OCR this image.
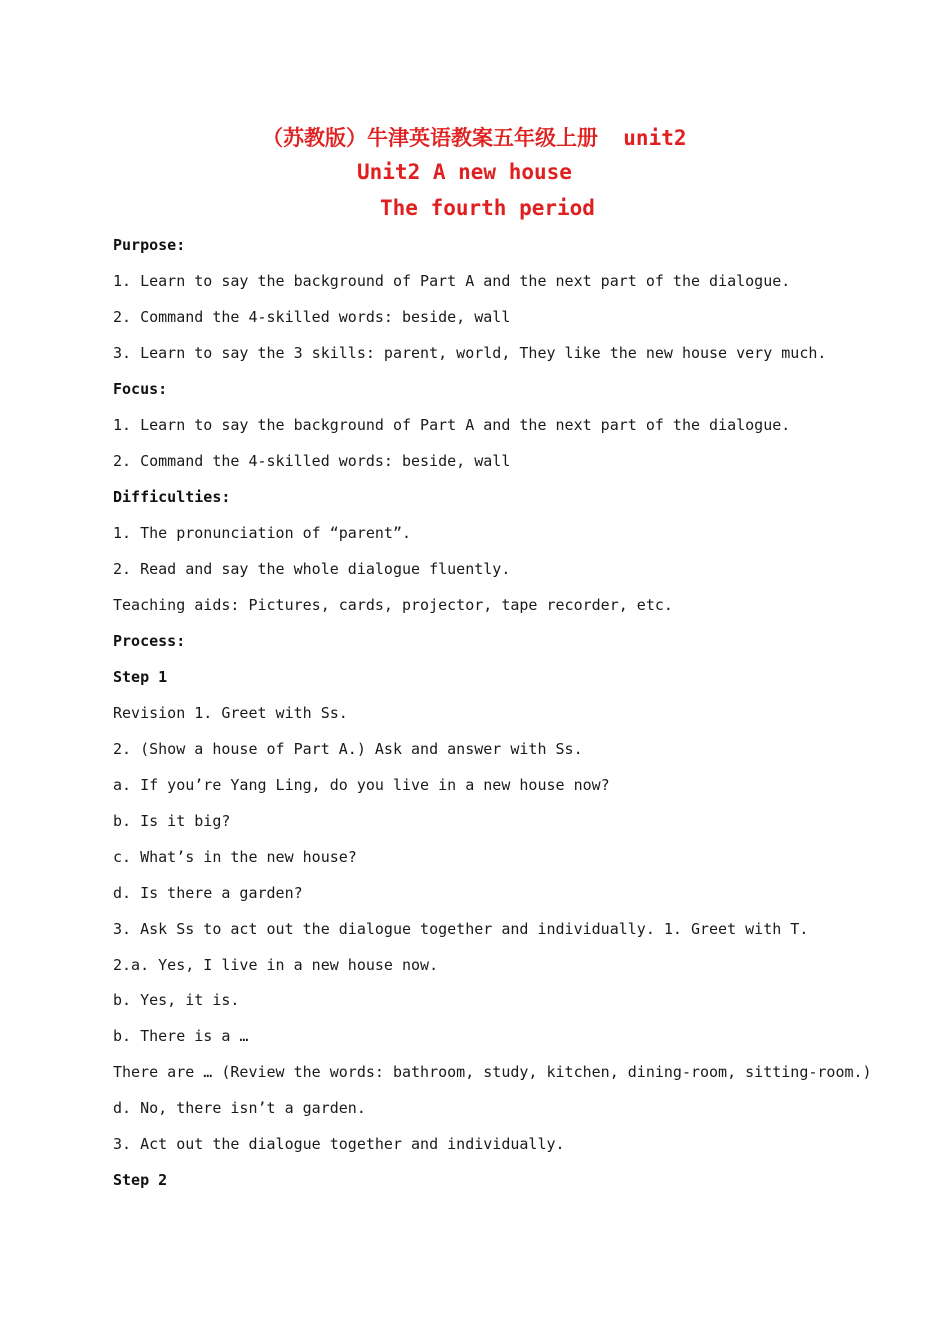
（苏教版）牛津英语教案五年级上册  unit2
Unit2 A new house
The fourth period
Purpose:
1. Learn to say the background of Part A and the next part of the dialogue.
2. Command the 4-skilled words: beside, wall
3. Learn to say the 3 skills: parent, world, They like the new house very much.
Focus:
1. Learn to say the background of Part A and the next part of the dialogue.
2. Command the 4-skilled words: beside, wall
Difficulties:
1. The pronunciation of “parent”.
2. Read and say the whole dialogue fluently.
Teaching aids: Pictures, cards, projector, tape recorder, etc.
Process:
Step 1
Revision 1. Greet with Ss.
2. (Show a house of Part A.) Ask and answer with Ss.
a. If you’re Yang Ling, do you live in a new house now?
b. Is it big?
c. What’s in the new house?
d. Is there a garden?
3. Ask Ss to act out the dialogue together and individually. 1. Greet with T.
2.a. Yes, I live in a new house now.
b. Yes, it is.
b. There is a …
There are … (Review the words: bathroom, study, kitchen, dining-room, sitting-room.)
d. No, there isn’t a garden.
3. Act out the dialogue together and individually.
Step 2
